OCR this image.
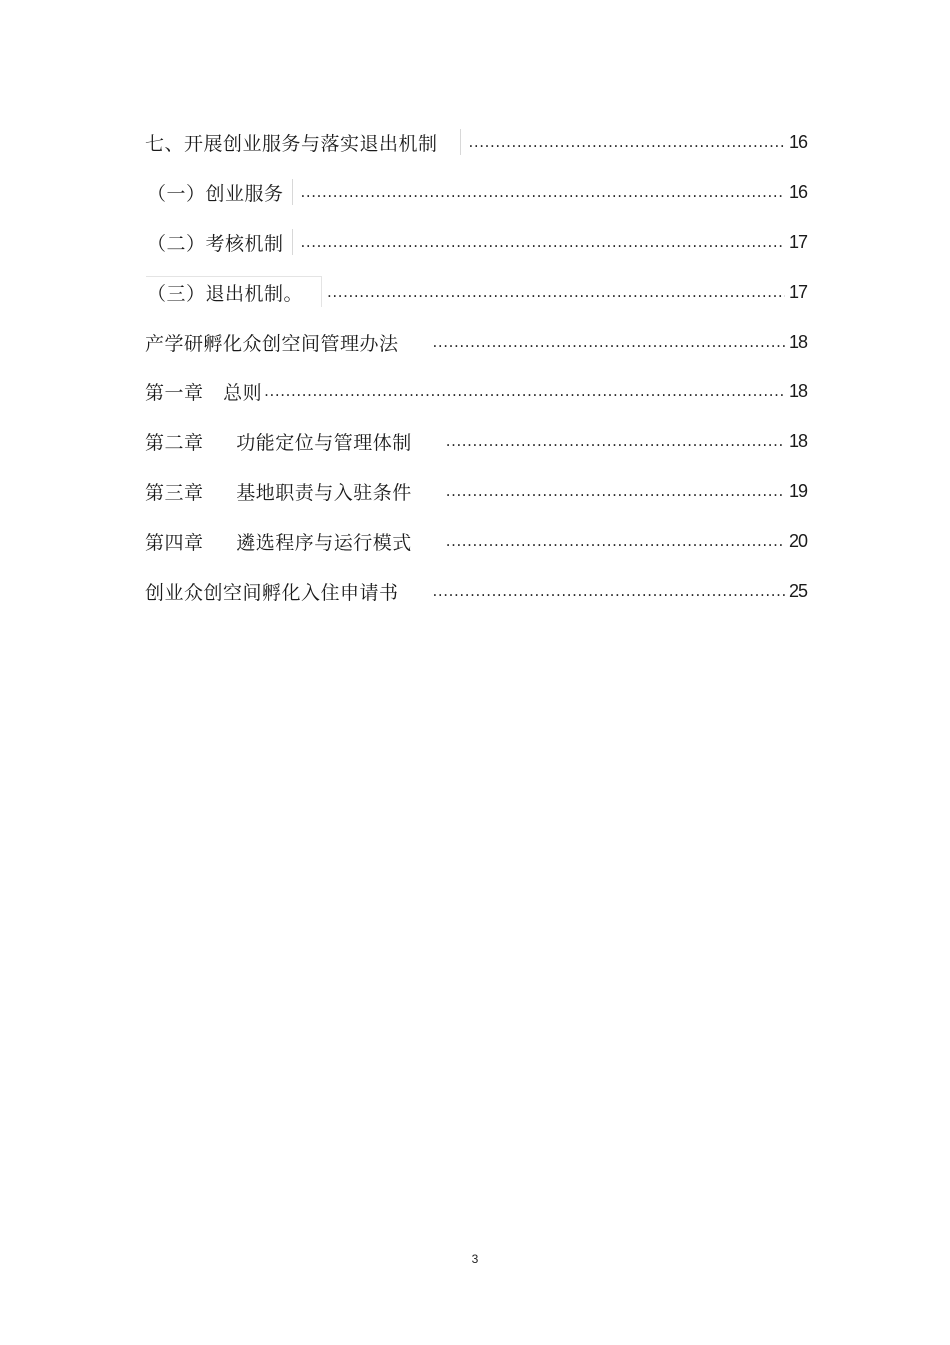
七、开展创业服务与落实退出机制 .....	16
（一）创业服务 .....	16
（二）考核机制 .....	17
（三）退出机制。 .....	17
产学研孵化众创空间管理办法 .....	18
第一章   总则 .....	18
第二章     功能定位与管理体制 .....	18
第三章     基地职责与入驻条件 .....	19
第四章     遴选程序与运行模式 .....	20
创业众创空间孵化入住申请书 .....	25
3
